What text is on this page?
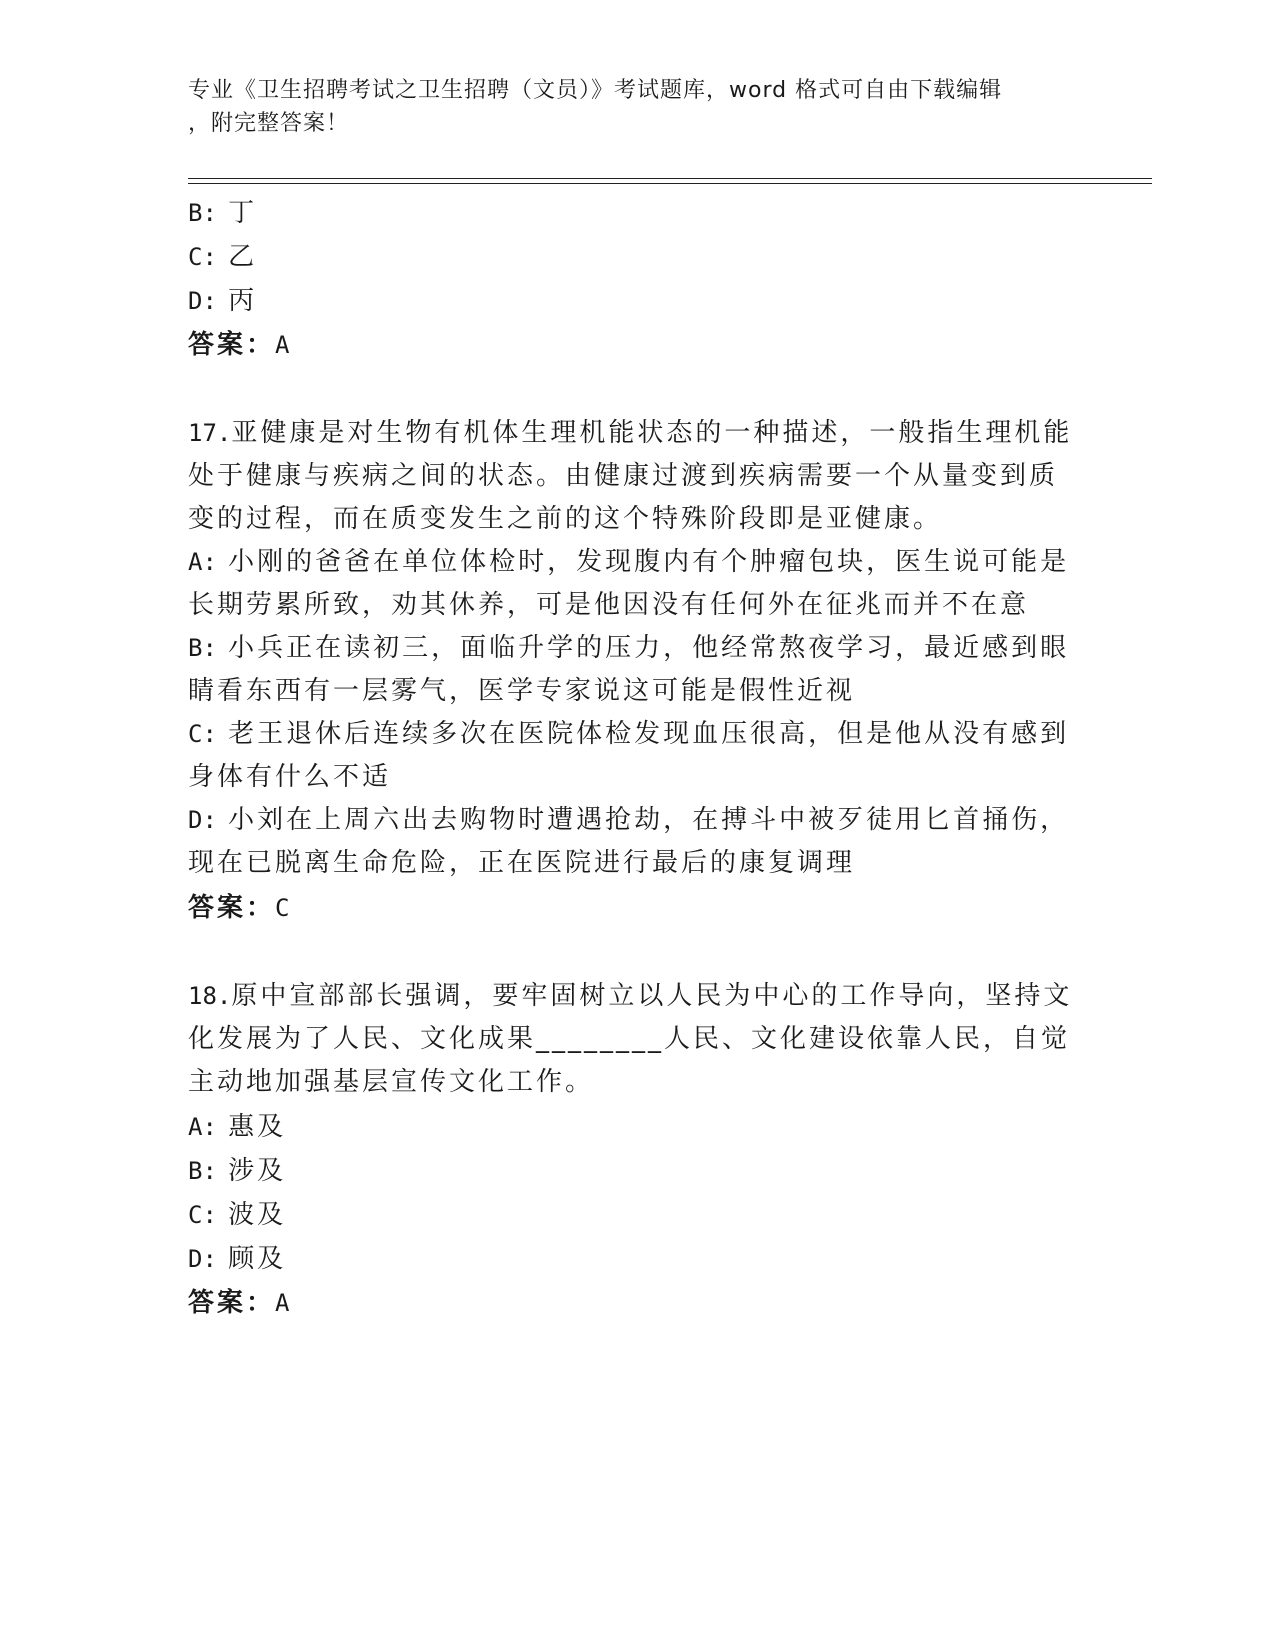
专业《卫生招聘考试之卫生招聘（文员）》考试题库，word 格式可自由下载编辑
，附完整答案！
B: 丁
C: 乙
D: 丙
答案：A
17.亚健康是对生物有机体生理机能状态的一种描述，一般指生理机能
处于健康与疾病之间的状态。由健康过渡到疾病需要一个从量变到质
变的过程，而在质变发生之前的这个特殊阶段即是亚健康。
A: 小刚的爸爸在单位体检时，发现腹内有个肿瘤包块，医生说可能是
长期劳累所致，劝其休养，可是他因没有任何外在征兆而并不在意
B: 小兵正在读初三，面临升学的压力，他经常熬夜学习，最近感到眼
睛看东西有一层雾气，医学专家说这可能是假性近视
C: 老王退休后连续多次在医院体检发现血压很高，但是他从没有感到
身体有什么不适
D: 小刘在上周六出去购物时遭遇抢劫，在搏斗中被歹徒用匕首捅伤，
现在已脱离生命危险，正在医院进行最后的康复调理
答案：C
18.原中宣部部长强调，要牢固树立以人民为中心的工作导向，坚持文
化发展为了人民、文化成果________人民、文化建设依靠人民，自觉
主动地加强基层宣传文化工作。
A: 惠及
B: 涉及
C: 波及
D: 顾及
答案：A
